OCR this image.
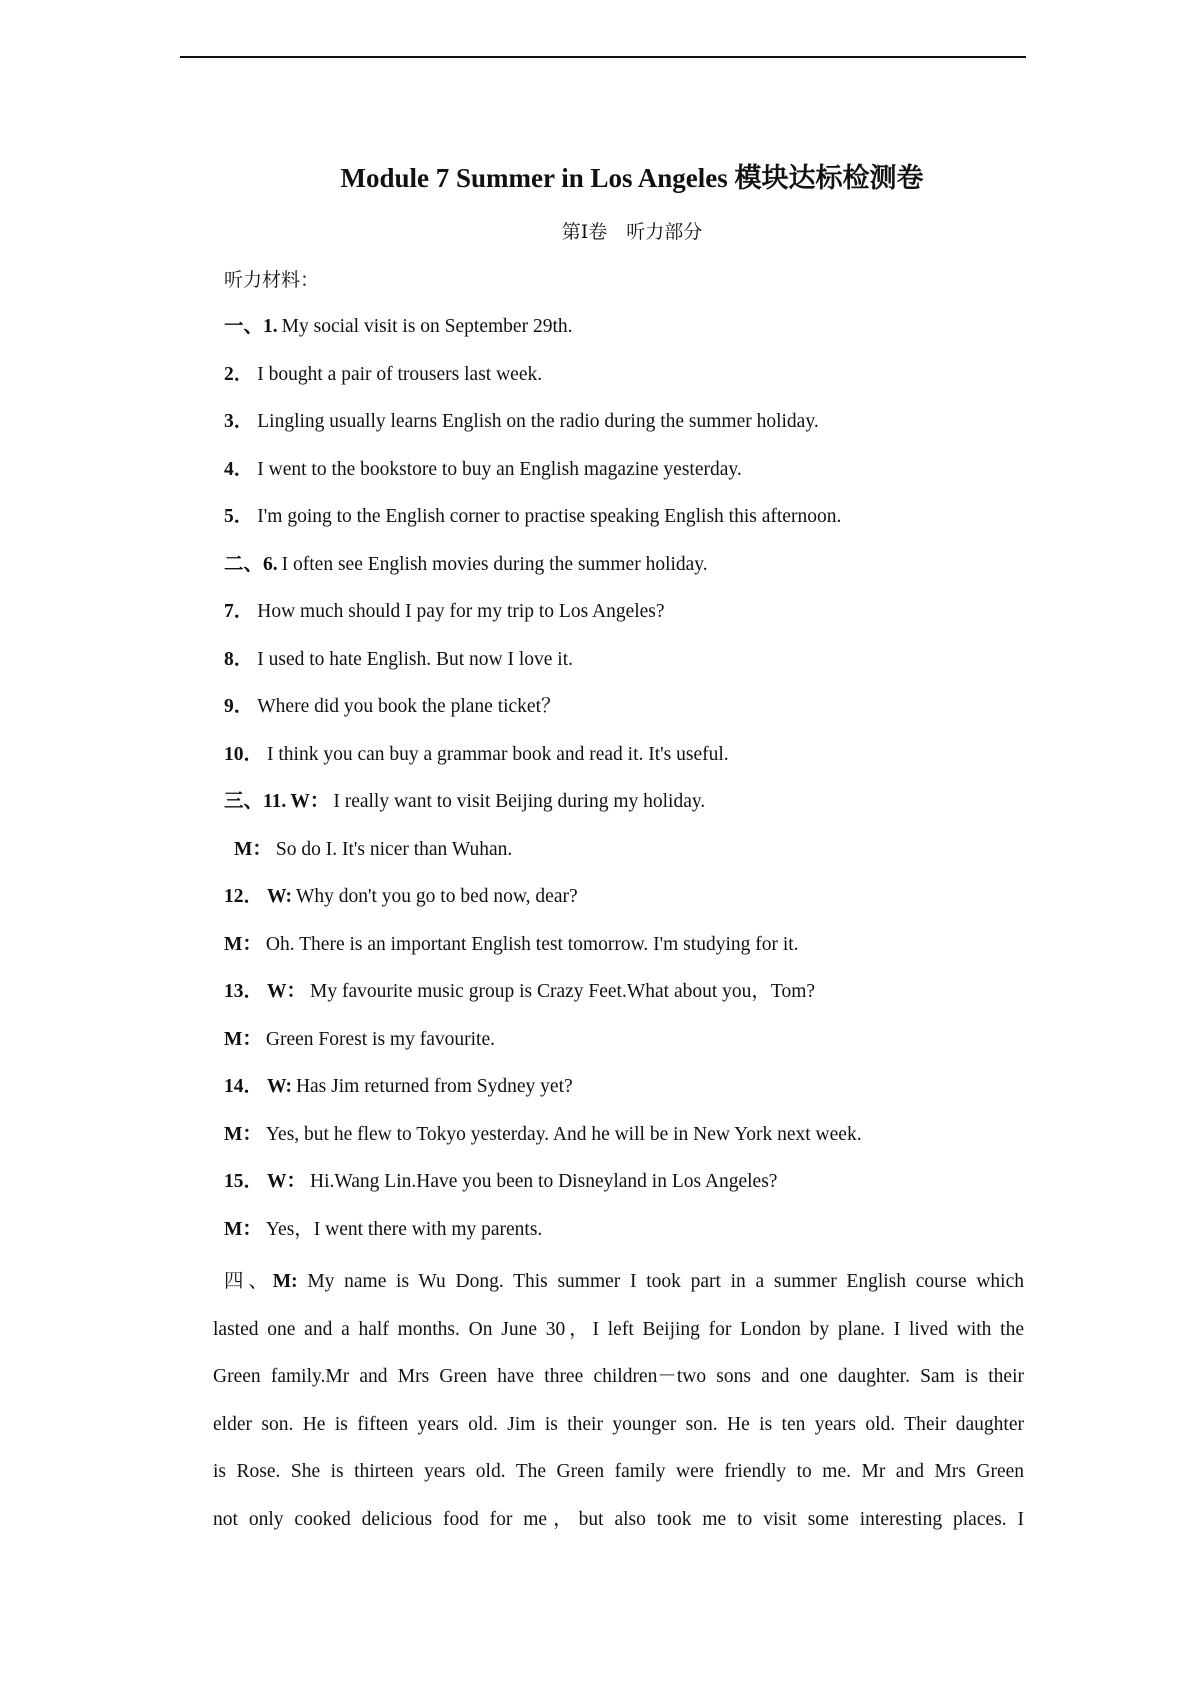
Module 7 Summer in Los Angeles 模块达标检测卷
第Ⅰ卷　听力部分
听力材料：
一、1. My social visit is on September 29th.
2． I bought a pair of trousers last week.
3． Lingling usually learns English on the radio during the summer holiday.
4． I went to the bookstore to buy an English magazine yesterday.
5． I'm going to the English corner to practise speaking English this afternoon.
二、6. I often see English movies during the summer holiday.
7． How much should I pay for my trip to Los Angeles?
8． I used to hate English. But now I love it.
9． Where did you book the plane ticket？
10． I think you can buy a grammar book and read it. It's useful.
三、11. W： I really want to visit Beijing during my holiday.
M： So do I. It's nicer than Wuhan.
12． W: Why don't you go to bed now, dear?
M： Oh. There is an important English test tomorrow. I'm studying for it.
13． W： My favourite music group is Crazy Feet.What about you，Tom?
M： Green Forest is my favourite.
14． W: Has Jim returned from Sydney yet?
M： Yes, but he flew to Tokyo yesterday. And he will be in New York next week.
15． W： Hi.Wang Lin.Have you been to Disneyland in Los Angeles?
M： Yes，I went there with my parents.
四、M: My name is Wu Dong. This summer I took part in a summer English course which
lasted one and a half months. On June 30，I left Beijing for London by plane. I lived with the
Green family.Mr and Mrs Green have three children－two sons and one daughter. Sam is their
elder son. He is fifteen years old. Jim is their younger son. He is ten years old. Their daughter
is Rose. She is thirteen years old. The Green family were friendly to me. Mr and Mrs Green
not only cooked delicious food for me，but also took me to visit some interesting places. I
